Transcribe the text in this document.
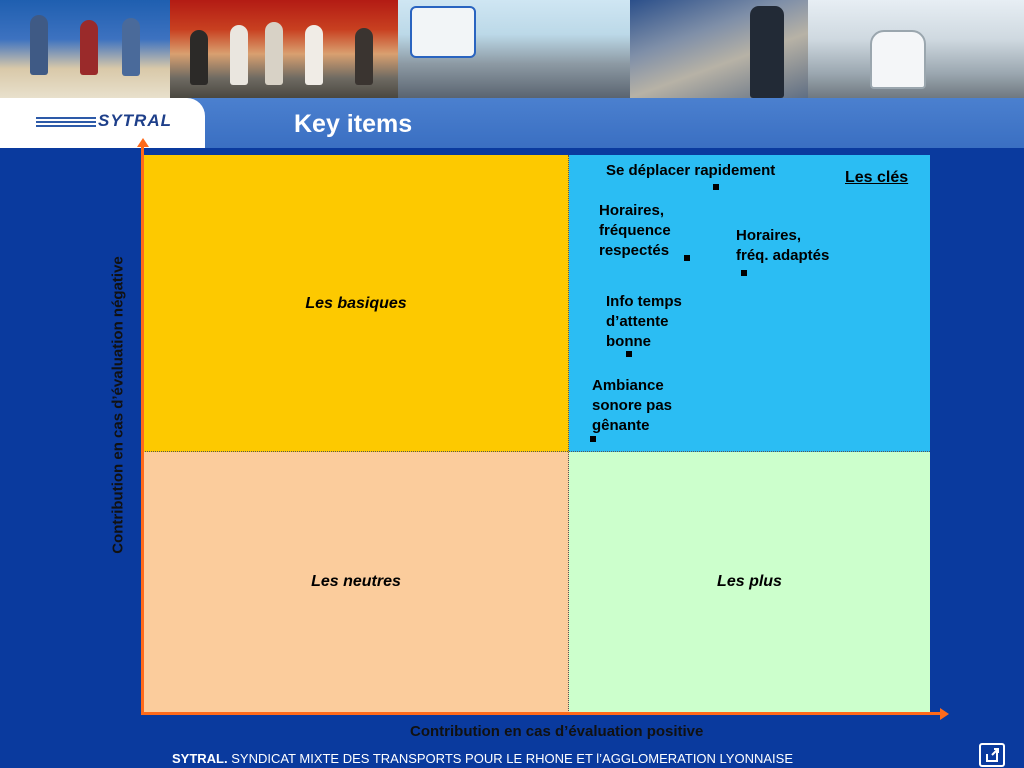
SYTRAL	Key items
Les basiques
Les clés
Les neutres	Les plus
Se déplacer rapidement
Horaires,
fréquence
respectés
Horaires,
fréq. adaptés
Info temps
d’attente
bonne
Ambiance
sonore pas
gênante
Contribution en cas d’évaluation négative
Contribution en cas d’évaluation positive
SYTRAL. SYNDICAT MIXTE DES TRANSPORTS POUR LE RHONE ET l’AGGLOMERATION LYONNAISE
